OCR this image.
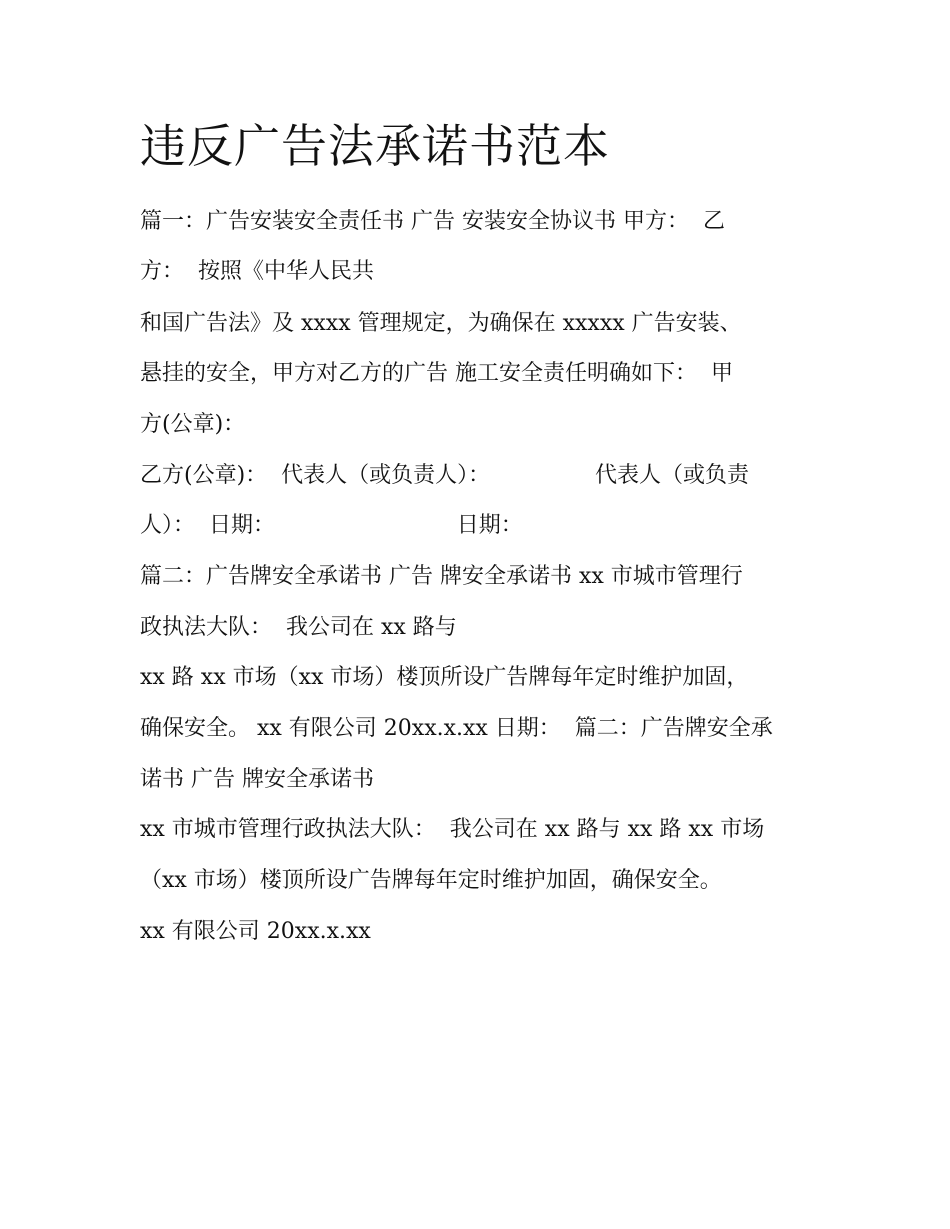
违反广告法承诺书范本

篇一：广告安装安全责任书 广告 安装安全协议书 甲方：  乙

方：  按照《中华人民共

和国广告法》及 xxxx 管理规定，为确保在 xxxxx 广告安装、

悬挂的安全，甲方对乙方的广告 施工安全责任明确如下：  甲

方(公章)：

乙方(公章)：  代表人（或负责人）：               代表人（或负责

人）：  日期：                          日期：

篇二：广告牌安全承诺书 广告 牌安全承诺书 xx 市城市管理行

政执法大队：  我公司在 xx 路与

xx 路 xx 市场（xx 市场）楼顶所设广告牌每年定时维护加固，

确保安全。 xx 有限公司 20xx.x.xx 日期：  篇二：广告牌安全承

诺书 广告 牌安全承诺书

xx 市城市管理行政执法大队：  我公司在 xx 路与 xx 路 xx 市场

（xx 市场）楼顶所设广告牌每年定时维护加固，确保安全。

xx 有限公司 20xx.x.xx
